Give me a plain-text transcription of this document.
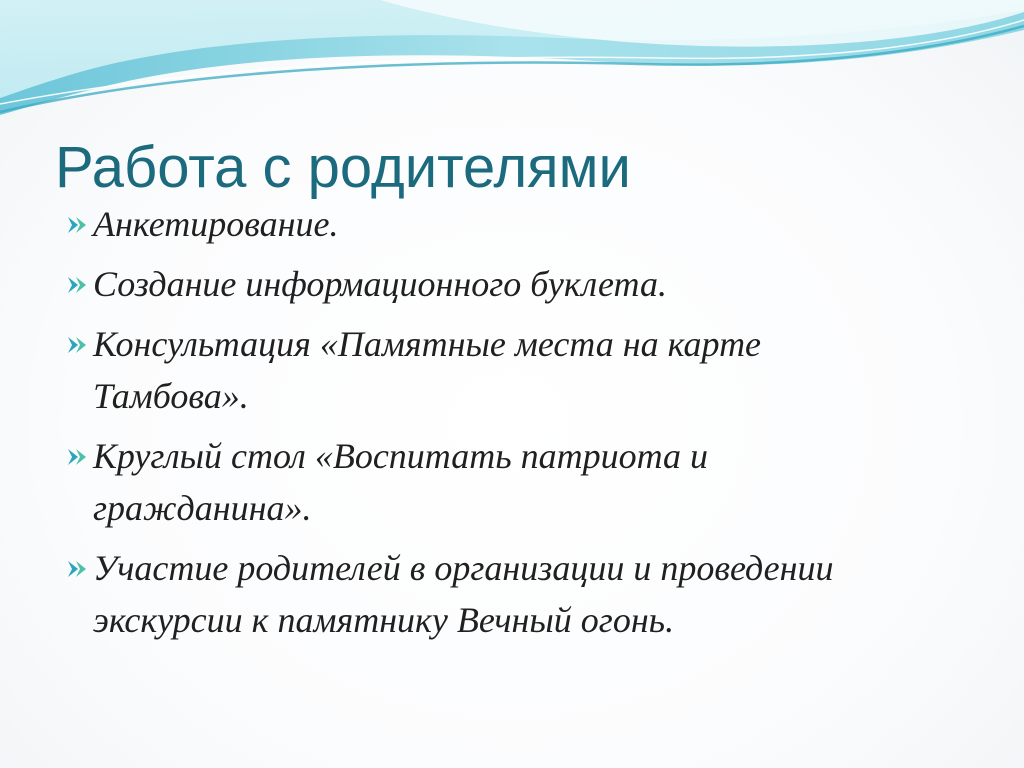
Работа с родителями
Анкетирование.
Создание информационного буклета.
Консультация «Памятные места на карте Тамбова».
Круглый стол «Воспитать патриота и гражданина».
Участие родителей в организации и проведении экскурсии к памятнику Вечный огонь.
